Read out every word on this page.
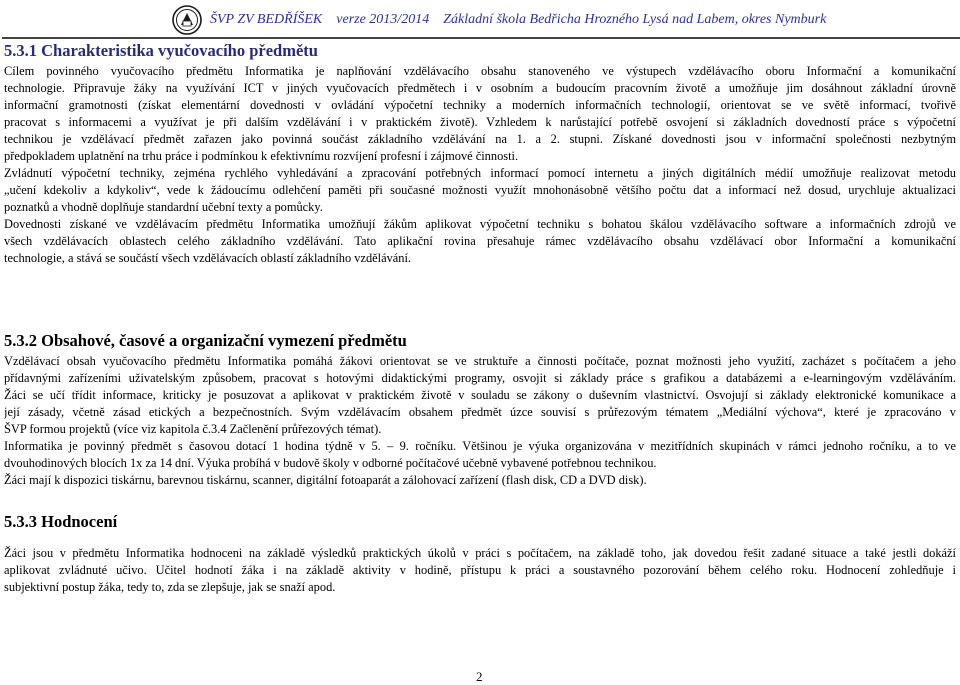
ŠVP ZV BEDŘÍŠEK verze 2013/2014 Základní škola Bedřicha Hrozného Lysá nad Labem, okres Nymburk
5.3.1 Charakteristika vyučovacího předmětu
Cílem povinného vyučovacího předmětu Informatika je naplňování vzdělávacího obsahu stanoveného ve výstupech vzdělávacího oboru Informační a komunikační
technologie. Připravuje žáky na využívání ICT v jiných vyučovacích předmětech i v osobním a budoucím pracovním životě a umožňuje jim dosáhnout základní úrovně
informační gramotnosti (získat elementární dovednosti v ovládání výpočetní techniky a moderních informačních technologií, orientovat se ve světě informací, tvořivě
pracovat s informacemi a využívat je při dalším vzdělávání i v praktickém životě). Vzhledem k narůstající potřebě osvojení si základních dovedností práce s výpočetní
technikou je vzdělávací předmět zařazen jako povinná součást základního vzdělávání na 1. a 2. stupni. Získané dovednosti jsou v informační společnosti nezbytným
předpokladem uplatnění na trhu práce i podmínkou k efektivnímu rozvíjení profesní i zájmové činnosti.
Zvládnutí výpočetní techniky, zejména rychlého vyhledávání a zpracování potřebných informací pomocí internetu a jiných digitálních médií umožňuje realizovat metodu
„učení kdekoliv a kdykoliv“, vede k žádoucímu odlehčení paměti při současné možnosti využít mnohonásobně většího počtu dat a informací než dosud, urychluje aktualizaci
poznatků a vhodně doplňuje standardní učební texty a pomůcky.
Dovednosti získané ve vzdělávacím předmětu Informatika umožňují žákům aplikovat výpočetní techniku s bohatou škálou vzdělávacího software a informačních zdrojů ve
všech vzdělávacích oblastech celého základního vzdělávání. Tato aplikační rovina přesahuje rámec vzdělávacího obsahu vzdělávací obor Informační a komunikační
technologie, a stává se součástí všech vzdělávacích oblastí základního vzdělávání.
5.3.2 Obsahové, časové a organizační vymezení předmětu
Vzdělávací obsah vyučovacího předmětu Informatika pomáhá žákovi orientovat se ve struktuře a činnosti počítače, poznat možnosti jeho využití, zacházet s počítačem a jeho
přídavnými zařízeními uživatelským způsobem, pracovat s hotovými didaktickými programy, osvojit si základy práce s grafikou a databázemi a e-learningovým vzděláváním.
Žáci se učí třídit informace, kriticky je posuzovat a aplikovat v praktickém životě v souladu se zákony o duševním vlastnictví. Osvojují si základy elektronické komunikace a
její zásady, včetně zásad etických a bezpečnostních. Svým vzdělávacím obsahem předmět úzce souvisí s průřezovým tématem „Mediální výchova“, které je zpracováno v
ŠVP formou projektů (více viz kapitola č.3.4 Začlenění průřezových témat).
Informatika je povinný předmět s časovou dotací 1 hodina týdně v 5. – 9. ročníku. Většinou je výuka organizována v mezitřídních skupinách v rámci jednoho ročníku, a to ve
dvouhodinových blocích 1x za 14 dní. Výuka probíhá v budově školy v odborné počítačové učebně vybavené potřebnou technikou.
Žáci mají k dispozici tiskárnu, barevnou tiskárnu, scanner, digitální fotoaparát a zálohovací zařízení (flash disk, CD a DVD disk).
5.3.3 Hodnocení
Žáci jsou v předmětu Informatika hodnoceni na základě výsledků praktických úkolů v práci s počítačem, na základě toho, jak dovedou řešit zadané situace a také jestli dokáží
aplikovat zvládnuté učivo. Učitel hodnotí žáka i na základě aktivity v hodině, přístupu k práci a soustavného pozorování během celého roku. Hodnocení zohledňuje i
subjektivní postup žáka, tedy to, zda se zlepšuje, jak se snaží apod.
2
